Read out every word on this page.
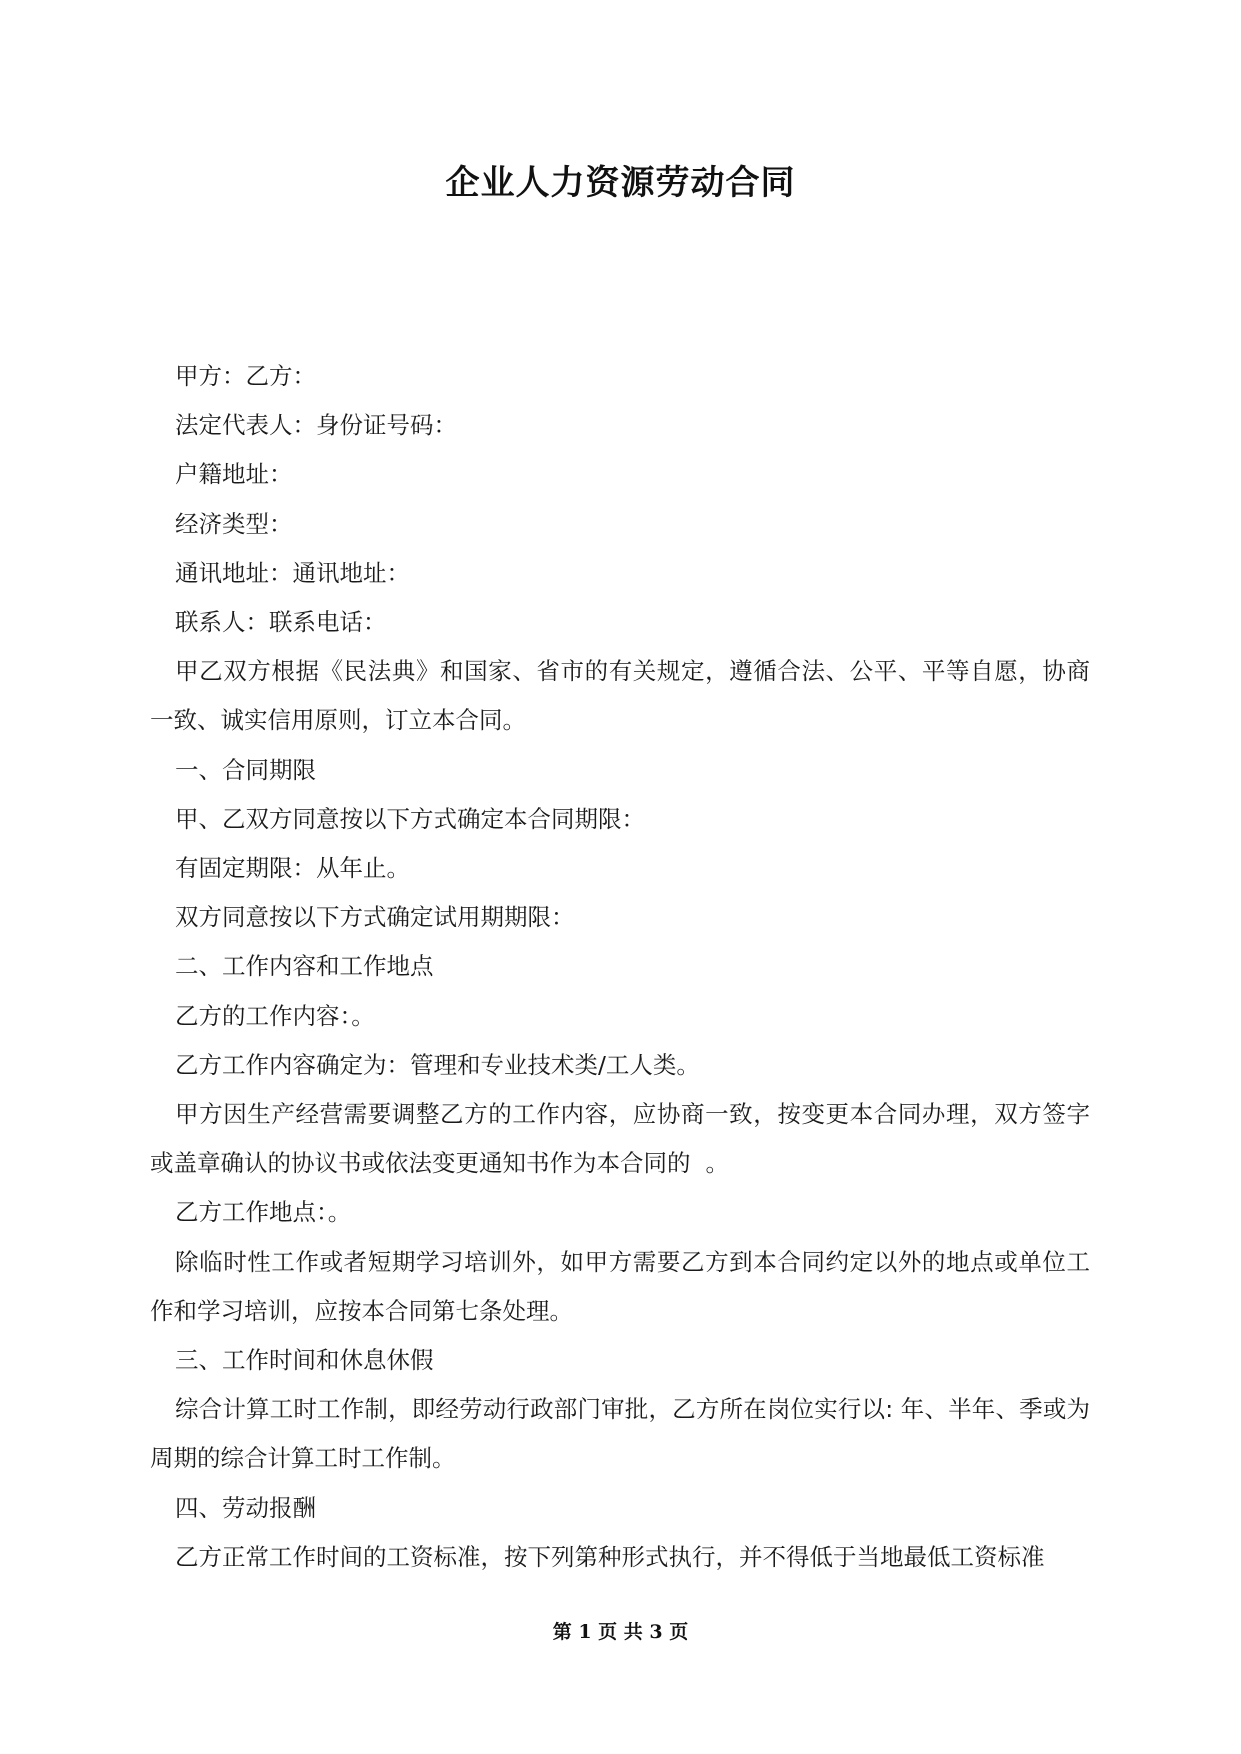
企业人力资源劳动合同

甲方：乙方：

法定代表人：身份证号码：

户籍地址：

经济类型：

通讯地址：通讯地址：

联系人：联系电话：

甲乙双方根据《民法典》和国家、省市的有关规定，遵循合法、公平、平等自愿，协商一致、诚实信用原则，订立本合同。

一、合同期限

甲、乙双方同意按以下方式确定本合同期限：

有固定期限：从年止。

双方同意按以下方式确定试用期期限：

二、工作内容和工作地点

乙方的工作内容：。

乙方工作内容确定为：管理和专业技术类/工人类。

甲方因生产经营需要调整乙方的工作内容，应协商一致，按变更本合同办理，双方签字或盖章确认的协议书或依法变更通知书作为本合同的  。

乙方工作地点：。

除临时性工作或者短期学习培训外，如甲方需要乙方到本合同约定以外的地点或单位工作和学习培训，应按本合同第七条处理。

三、工作时间和休息休假

综合计算工时工作制，即经劳动行政部门审批，乙方所在岗位实行以: 年、半年、季或为周期的综合计算工时工作制。

四、劳动报酬

乙方正常工作时间的工资标准，按下列第种形式执行，并不得低于当地最低工资标准

第 1 页 共 3 页
